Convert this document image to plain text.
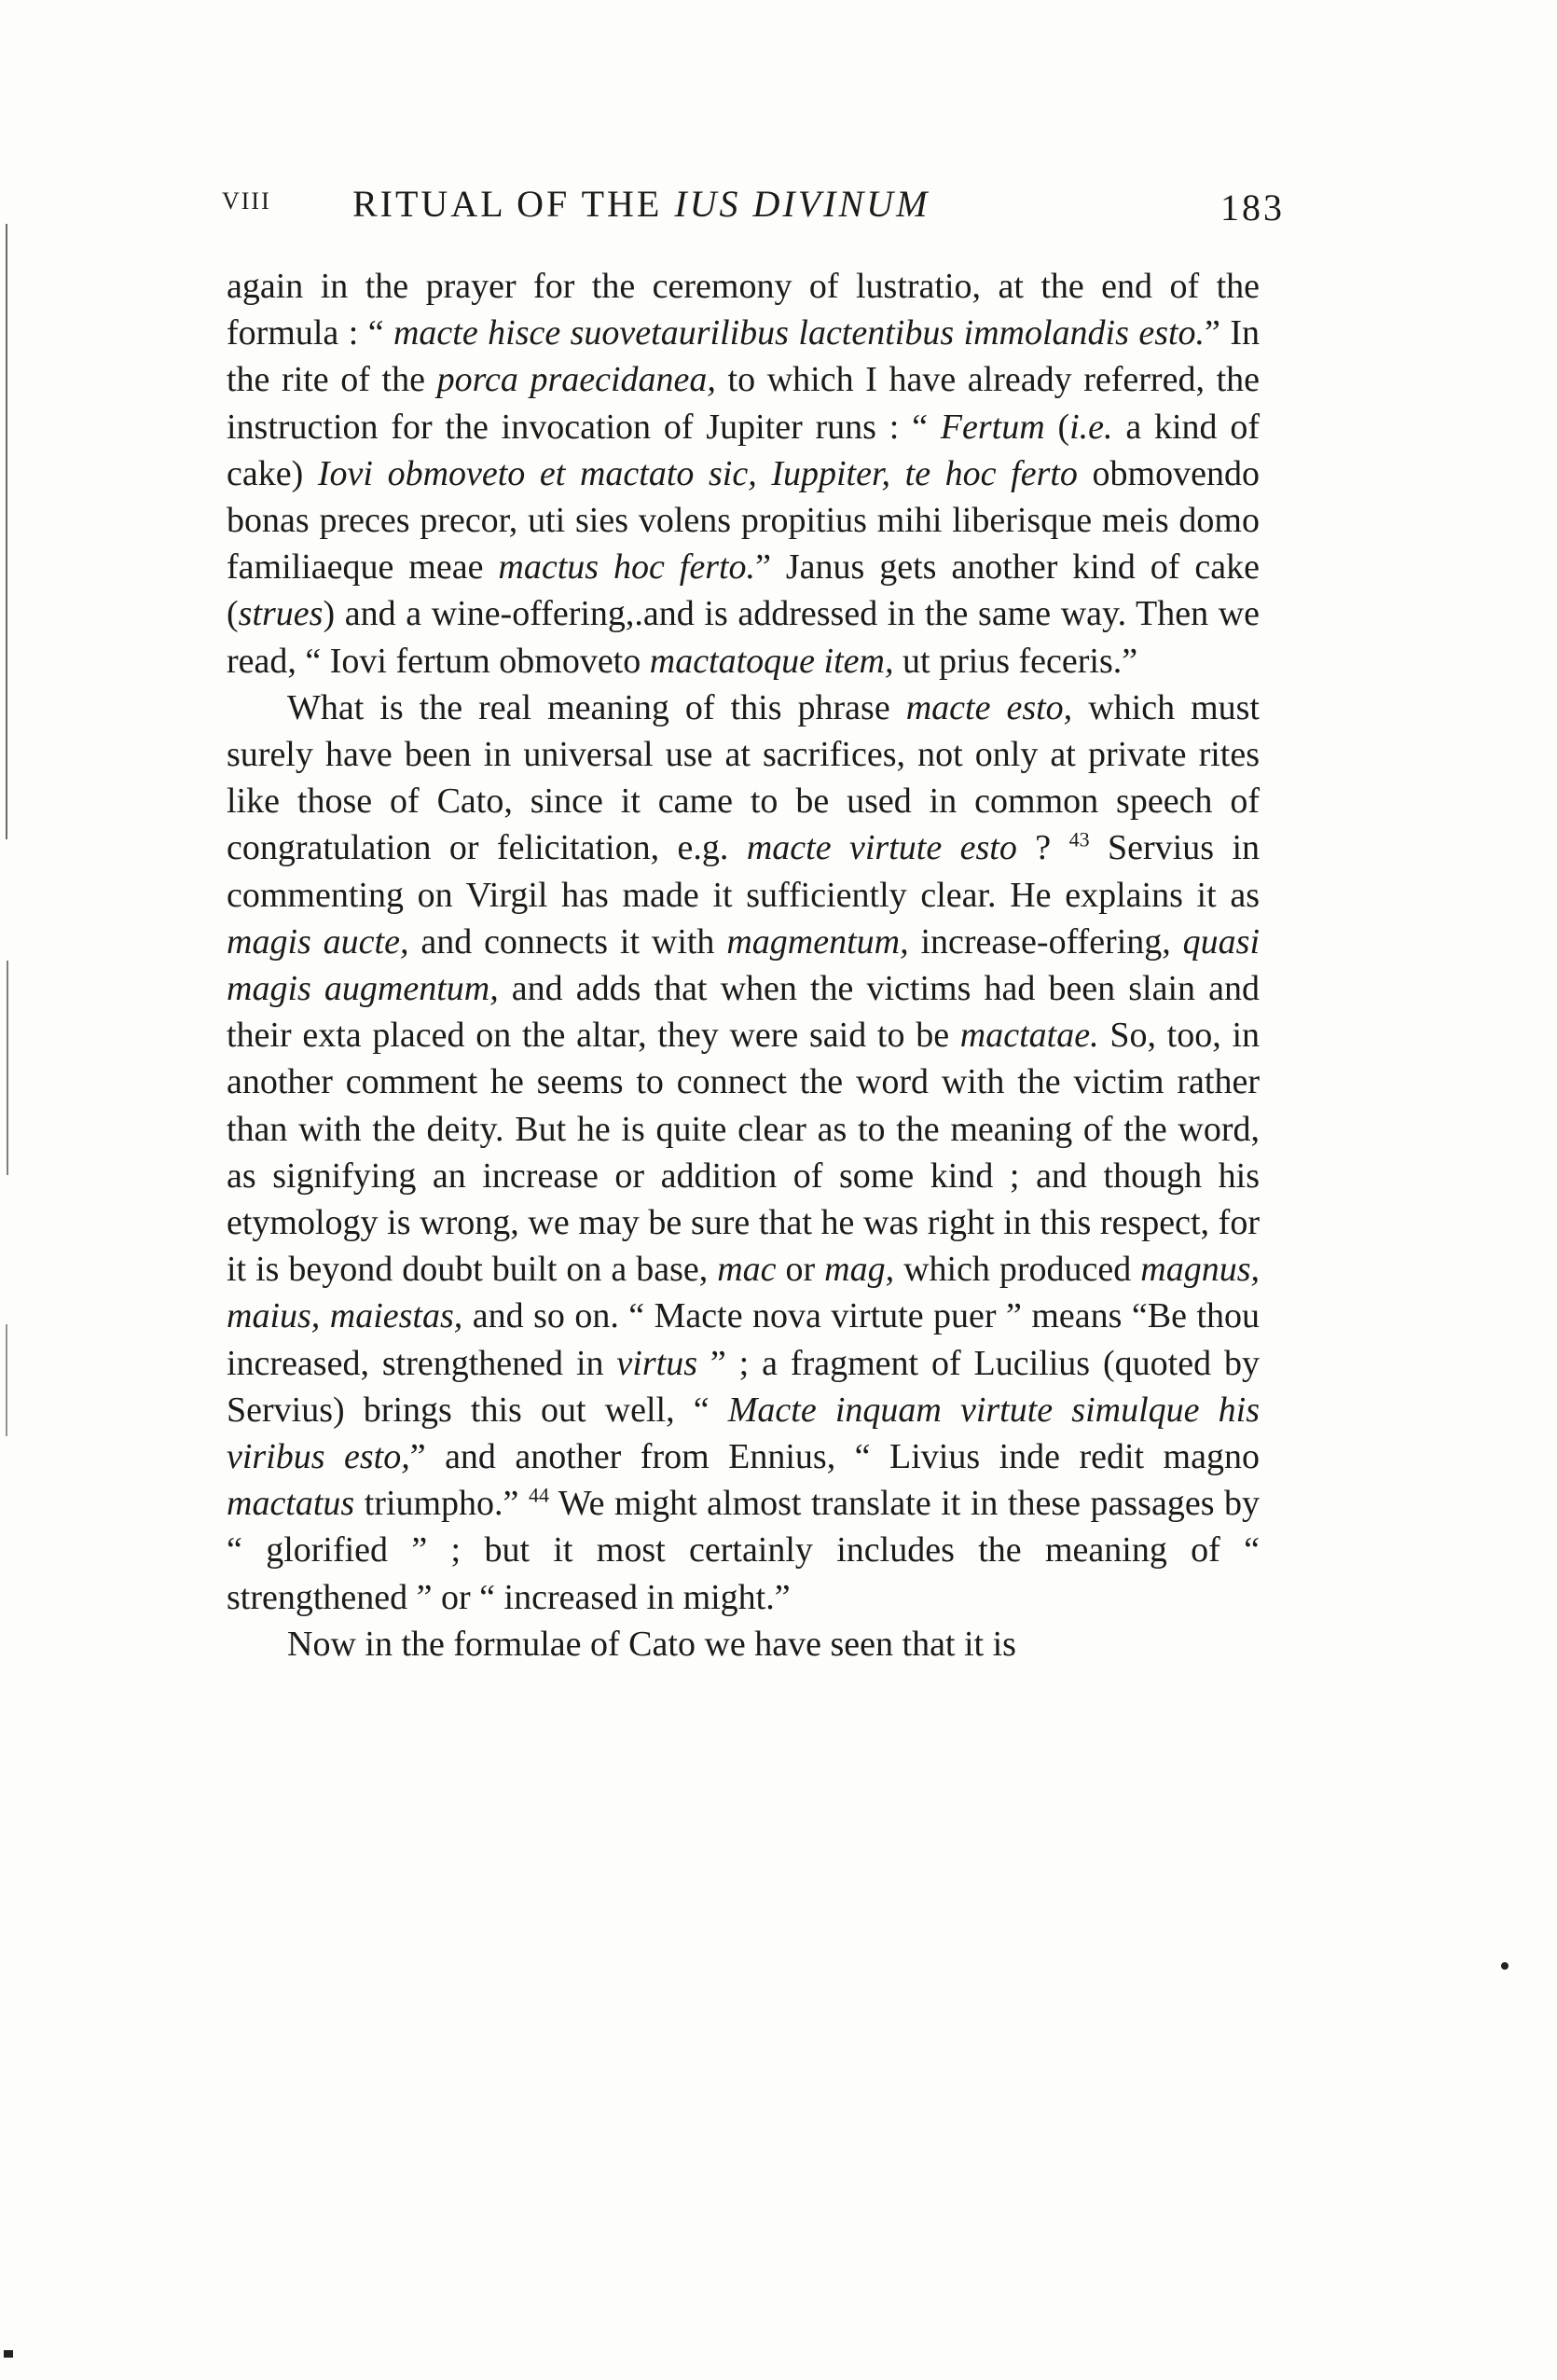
VIII RITUAL OF THE IUS DIVINUM	183

again in the prayer for the ceremony of lustratio, at the end of the formula : “ macte hisce suovetaurilibus lactentibus immolandis esto.” In the rite of the porca praecidanea, to which I have already referred, the instruction for the invocation of Jupiter runs : “ Fertum (i.e. a kind of cake) Iovi obmoveto et mactato sic, Iuppiter, te hoc ferto obmovendo bonas preces precor, uti sies volens propitius mihi liberisque meis domo familiaeque meae mactus hoc ferto.” Janus gets another kind of cake (strues) and a wine-offering,.and is addressed in the same way. Then we read, “ Iovi fertum obmoveto mactatoque item, ut prius feceris.”

What is the real meaning of this phrase macte esto, which must surely have been in universal use at sacrifices, not only at private rites like those of Cato, since it came to be used in common speech of congratulation or felicitation, e.g. macte virtute esto ? $^{43}$ Servius in commenting on Virgil has made it sufficiently clear. He explains it as magis aucte, and connects it with magmentum, increase-offering, quasi magis augmentum, and adds that when the victims had been slain and their exta placed on the altar, they were said to be mactatae. So, too, in another comment he seems to connect the word with the victim rather than with the deity. But he is quite clear as to the meaning of the word, as signifying an increase or addition of some kind ; and though his etymology is wrong, we may be sure that he was right in this respect, for it is beyond doubt built on a base, mac or mag, which produced magnus, maius, maiestas, and so on. “ Macte nova virtute puer ” means “Be thou increased, strengthened in virtus ” ; a fragment of Lucilius (quoted by Servius) brings this out well, “ Macte inquam virtute simulque his viribus esto,” and another from Ennius, “ Livius inde redit magno mactatus triumpho.” $^{44}$ We might almost translate it in these passages by “ glorified ” ; but it most certainly includes the meaning of “ strengthened ” or “ increased in might.”

Now in the formulae of Cato we have seen that it is
